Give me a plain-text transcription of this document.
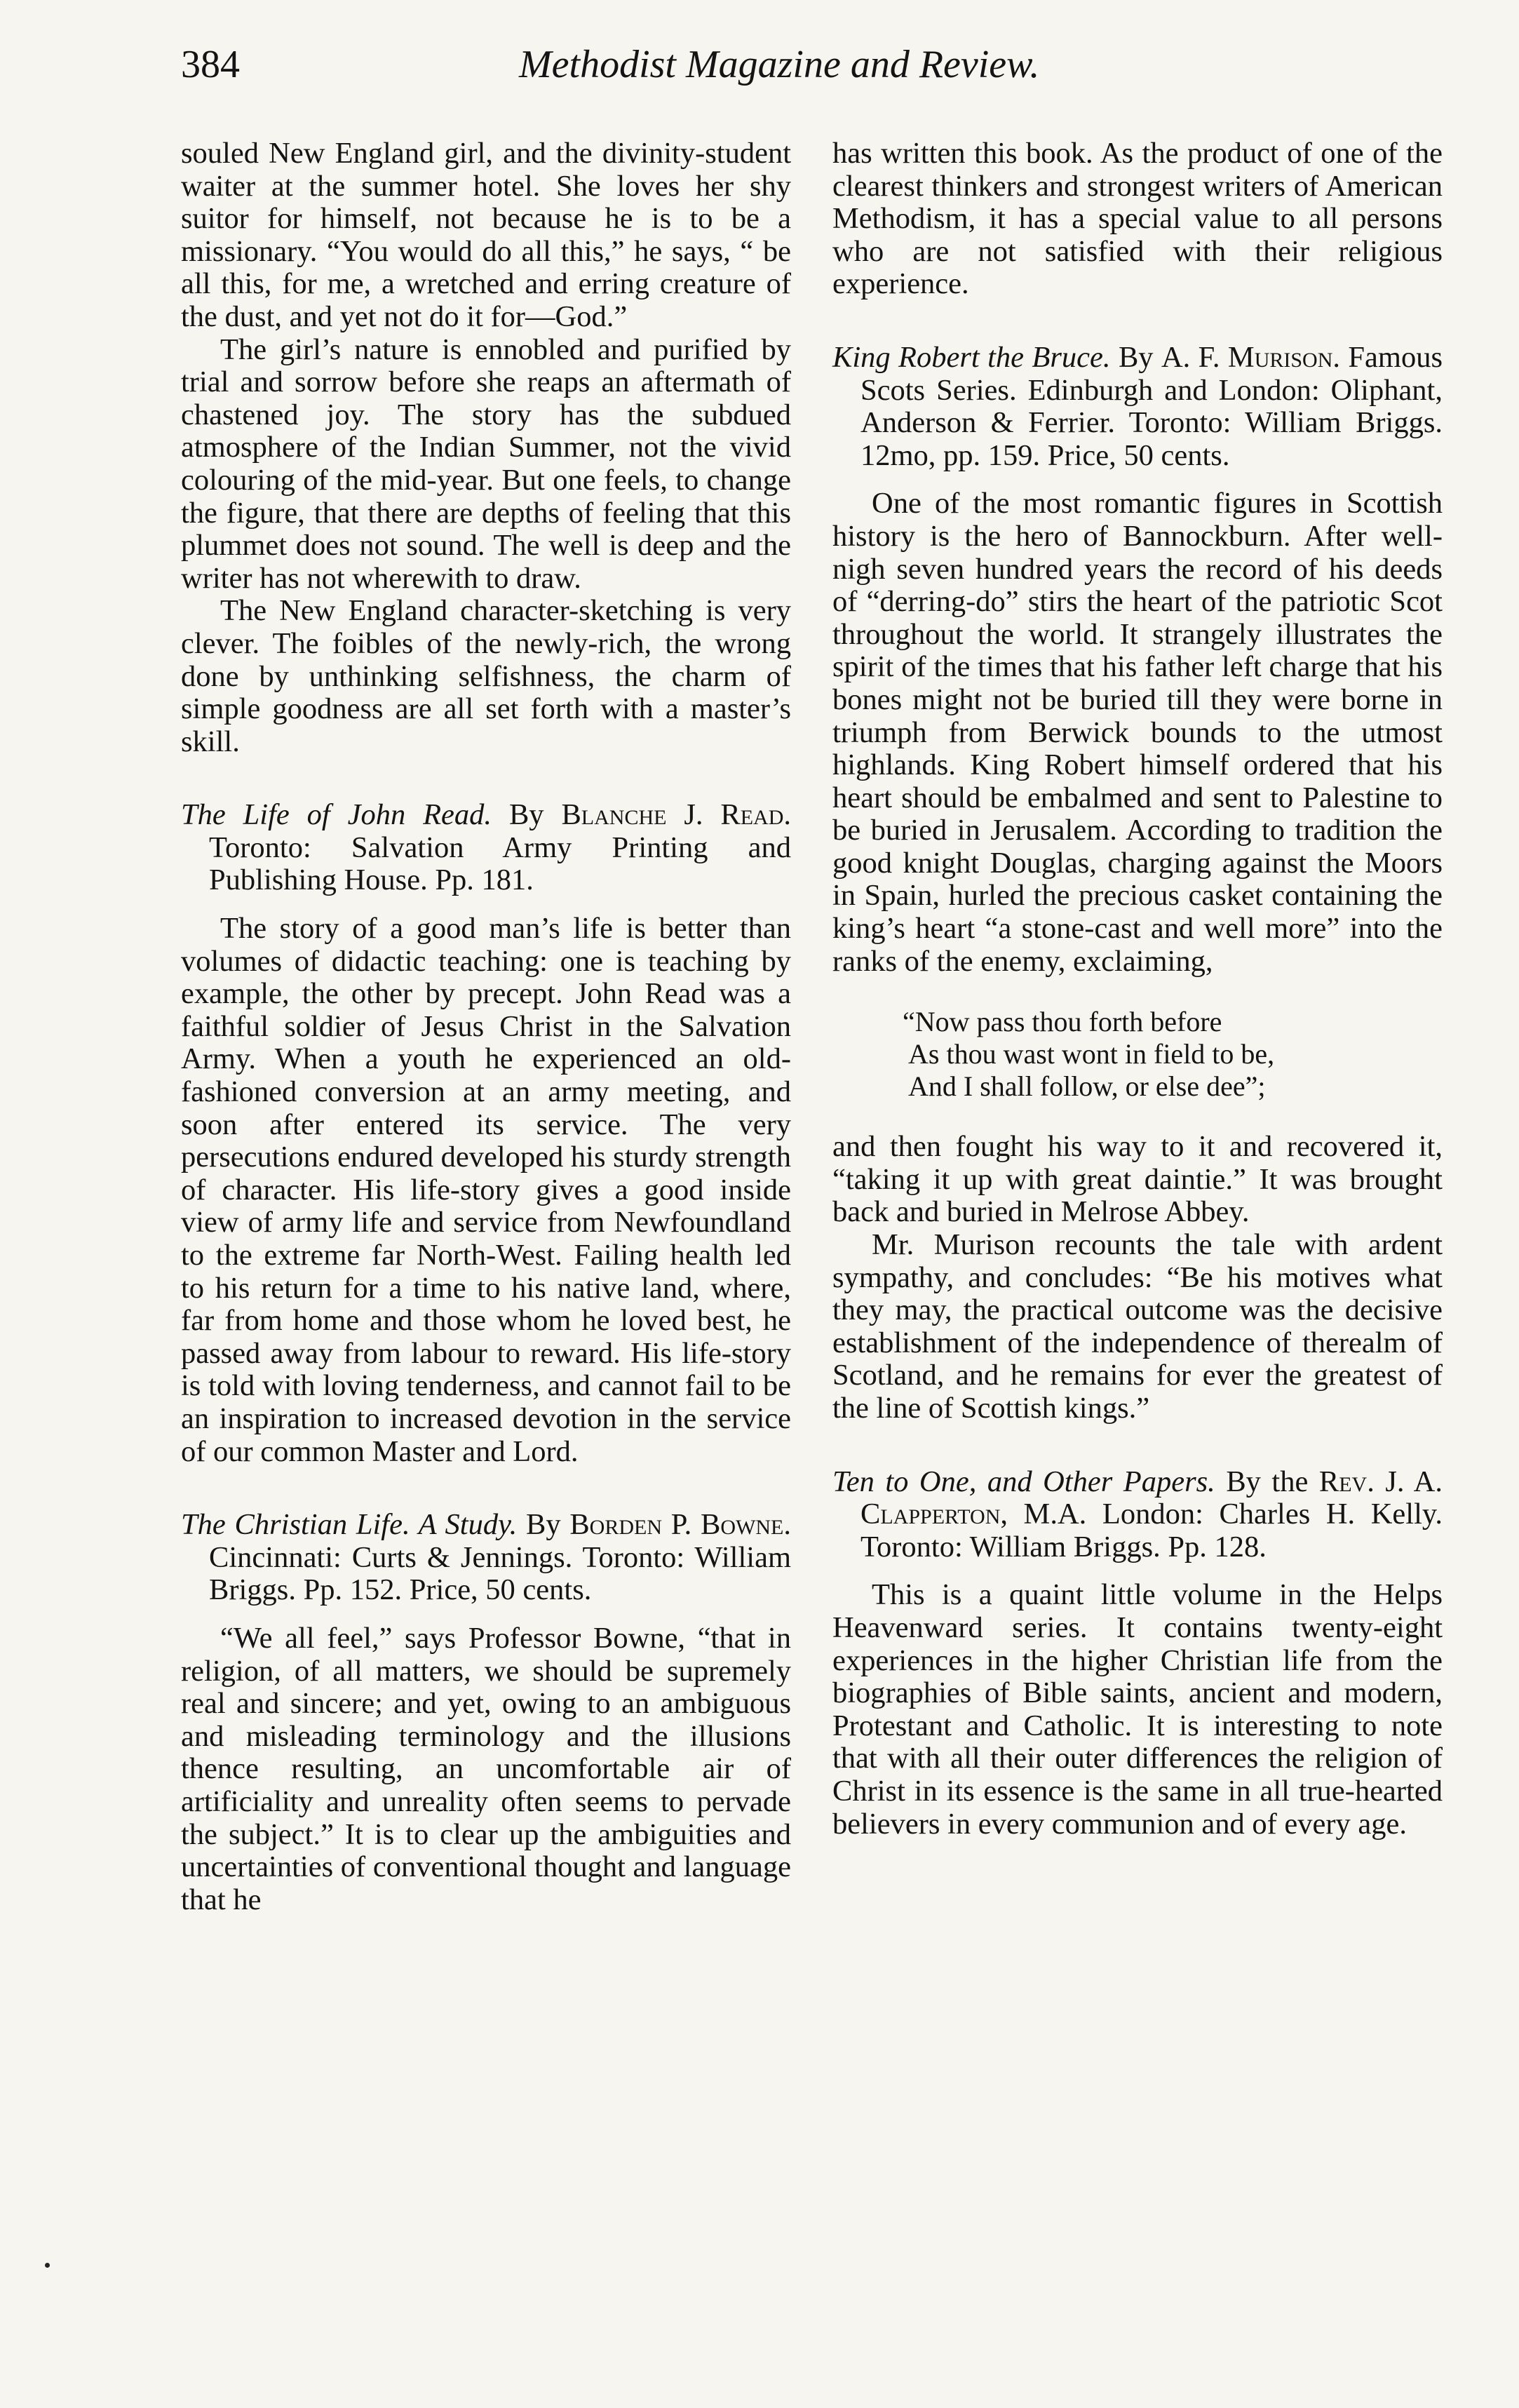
384	Methodist Magazine and Review.

souled New England girl, and the divinity-student waiter at the summer hotel. She loves her shy suitor for himself, not because he is to be a missionary. “You would do all this,” he says, “ be all this, for me, a wretched and erring creature of the dust, and yet not do it for—God.”

The girl’s nature is ennobled and purified by trial and sorrow before she reaps an aftermath of chastened joy. The story has the subdued atmosphere of the Indian Summer, not the vivid colouring of the mid-year. But one feels, to change the figure, that there are depths of feeling that this plummet does not sound. The well is deep and the writer has not wherewith to draw.

The New England character-sketching is very clever. The foibles of the newly-rich, the wrong done by unthinking selfishness, the charm of simple goodness are all set forth with a master’s skill.

The Life of John Read. By Blanche J. Read. Toronto: Salvation Army Printing and Publishing House. Pp. 181.

The story of a good man’s life is better than volumes of didactic teaching: one is teaching by example, the other by precept. John Read was a faithful soldier of Jesus Christ in the Salvation Army. When a youth he experienced an old-fashioned conversion at an army meeting, and soon after entered its service. The very persecutions endured developed his sturdy strength of character. His life-story gives a good inside view of army life and service from Newfoundland to the extreme far North-West. Failing health led to his return for a time to his native land, where, far from home and those whom he loved best, he passed away from labour to reward. His life-story is told with loving tenderness, and cannot fail to be an inspiration to increased devotion in the service of our common Master and Lord.

The Christian Life. A Study. By Borden P. Bowne. Cincinnati: Curts & Jennings. Toronto: William Briggs. Pp. 152. Price, 50 cents.

“We all feel,” says Professor Bowne, “that in religion, of all matters, we should be supremely real and sincere; and yet, owing to an ambiguous and misleading terminology and the illusions thence resulting, an uncomfortable air of artificiality and unreality often seems to pervade the subject.” It is to clear up the ambiguities and uncertainties of conventional thought and language that he

has written this book. As the product of one of the clearest thinkers and strongest writers of American Methodism, it has a special value to all persons who are not satisfied with their religious experience.

King Robert the Bruce. By A. F. Murison. Famous Scots Series. Edinburgh and London: Oliphant, Anderson & Ferrier. Toronto: William Briggs. 12mo, pp. 159. Price, 50 cents.

One of the most romantic figures in Scottish history is the hero of Bannockburn. After well-nigh seven hundred years the record of his deeds of “derring-do” stirs the heart of the patriotic Scot throughout the world. It strangely illustrates the spirit of the times that his father left charge that his bones might not be buried till they were borne in triumph from Berwick bounds to the utmost highlands. King Robert himself ordered that his heart should be embalmed and sent to Palestine to be buried in Jerusalem. According to tradition the good knight Douglas, charging against the Moors in Spain, hurled the precious casket containing the king’s heart “a stone-cast and well more” into the ranks of the enemy, exclaiming,

“Now pass thou forth before
As thou wast wont in field to be,
And I shall follow, or else dee”;

and then fought his way to it and recovered it, “taking it up with great daintie.” It was brought back and buried in Melrose Abbey.

Mr. Murison recounts the tale with ardent sympathy, and concludes: “Be his motives what they may, the practical outcome was the decisive establishment of the independence of therealm of Scotland, and he remains for ever the greatest of the line of Scottish kings.”

Ten to One, and Other Papers. By the Rev. J. A. Clapperton, M.A. London: Charles H. Kelly. Toronto: William Briggs. Pp. 128.

This is a quaint little volume in the Helps Heavenward series. It contains twenty-eight experiences in the higher Christian life from the biographies of Bible saints, ancient and modern, Protestant and Catholic. It is interesting to note that with all their outer differences the religion of Christ in its essence is the same in all true-hearted believers in every communion and of every age.
